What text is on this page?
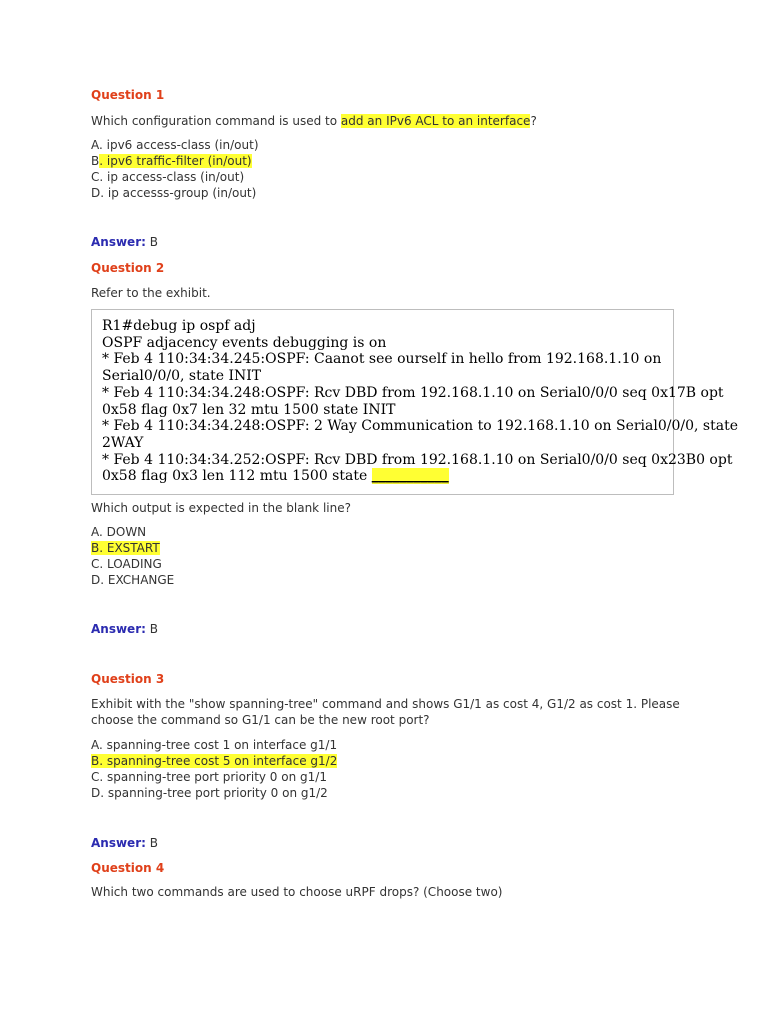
Question 1
Which configuration command is used to add an IPv6 ACL to an interface?
A. ipv6 access-class (in/out)
B. ipv6 traffic-filter (in/out)
C. ip access-class (in/out)
D. ip accesss-group (in/out)
Answer: B
Question 2
Refer to the exhibit.
R1#debug ip ospf adj
OSPF adjacency events debugging is on
* Feb 4 110:34:34.245:OSPF: Caanot see ourself in hello from 192.168.1.10 on
Serial0/0/0, state INIT
* Feb 4 110:34:34.248:OSPF: Rcv DBD from 192.168.1.10 on Serial0/0/0 seq 0x17B opt
0x58 flag 0x7 len 32 mtu 1500 state INIT
* Feb 4 110:34:34.248:OSPF: 2 Way Communication to 192.168.1.10 on Serial0/0/0, state
2WAY
* Feb 4 110:34:34.252:OSPF: Rcv DBD from 192.168.1.10 on Serial0/0/0 seq 0x23B0 opt
0x58 flag 0x3 len 112 mtu 1500 state ___________
Which output is expected in the blank line?
A. DOWN
B. EXSTART
C. LOADING
D. EXCHANGE
Answer: B
Question 3
Exhibit with the "show spanning-tree" command and shows G1/1 as cost 4, G1/2 as cost 1. Please
choose the command so G1/1 can be the new root port?
A. spanning-tree cost 1 on interface g1/1
B. spanning-tree cost 5 on interface g1/2
C. spanning-tree port priority 0 on g1/1
D. spanning-tree port priority 0 on g1/2
Answer: B
Question 4
Which two commands are used to choose uRPF drops? (Choose two)
